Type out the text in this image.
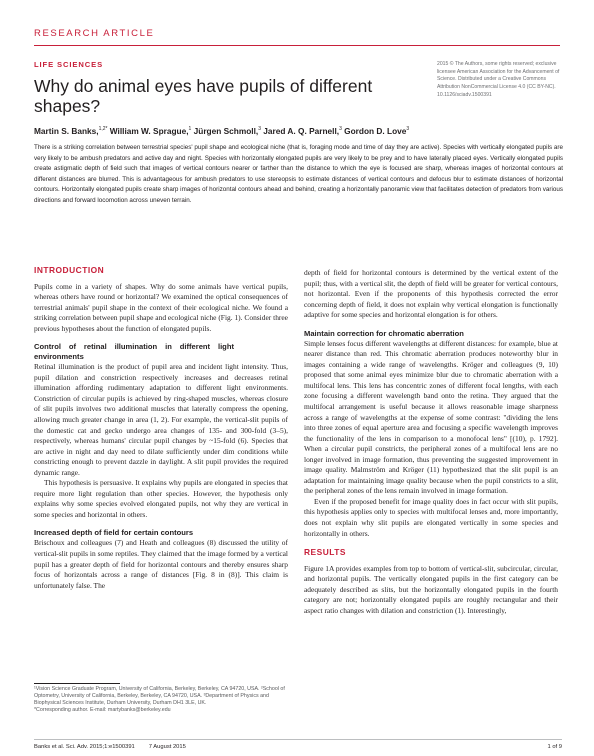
RESEARCH ARTICLE
LIFE SCIENCES
Why do animal eyes have pupils of different shapes?
2015 © The Authors, some rights reserved; exclusive licensee American Association for the Advancement of Science. Distributed under a Creative Commons Attribution NonCommercial License 4.0 (CC BY-NC). 10.1126/sciadv.1500391
Martin S. Banks,$^{1,2*}$ William W. Sprague,$^1$ Jürgen Schmoll,$^3$ Jared A. Q. Parnell,$^3$ Gordon D. Love$^3$
There is a striking correlation between terrestrial species' pupil shape and ecological niche (that is, foraging mode and time of day they are active). Species with vertically elongated pupils are very likely to be ambush predators and active day and night. Species with horizontally elongated pupils are very likely to be prey and to have laterally placed eyes. Vertically elongated pupils create astigmatic depth of field such that images of vertical contours nearer or farther than the distance to which the eye is focused are sharp, whereas images of horizontal contours at different distances are blurred. This is advantageous for ambush predators to use stereopsis to estimate distances of vertical contours and defocus blur to estimate distances of horizontal contours. Horizontally elongated pupils create sharp images of horizontal contours ahead and behind, creating a horizontally panoramic view that facilitates detection of predators from various directions and forward locomotion across uneven terrain.
INTRODUCTION

Pupils come in a variety of shapes. Why do some animals have vertical pupils, whereas others have round or horizontal? We examined the optical consequences of terrestrial animals' pupil shape in the context of their ecological niche. We found a striking correlation between pupil shape and ecological niche (Fig. 1). Consider three previous hypotheses about the function of elongated pupils.

Control of retinal illumination in different light environments

Retinal illumination is the product of pupil area and incident light intensity. Thus, pupil dilation and constriction respectively increases and decreases retinal illumination affording rudimentary adaptation to different light environments. Constriction of circular pupils is achieved by ring-shaped muscles, whereas closure of slit pupils involves two additional muscles that laterally compress the opening, allowing much greater change in area (1, 2). For example, the vertical-slit pupils of the domestic cat and gecko undergo area changes of 135- and 300-fold (3–5), respectively, whereas humans' circular pupil changes by ~15-fold (6). Species that are active in night and day need to dilate sufficiently under dim conditions while constricting enough to prevent dazzle in daylight. A slit pupil provides the required dynamic range.

This hypothesis is persuasive. It explains why pupils are elongated in species that require more light regulation than other species. However, the hypothesis only explains why some species evolved elongated pupils, not why they are vertical in some species and horizontal in others.

Increased depth of field for certain contours

Brischoux and colleagues (7) and Heath and colleagues (8) discussed the utility of vertical-slit pupils in some reptiles. They claimed that the image formed by a vertical pupil has a greater depth of field for horizontal contours and thereby ensures sharp focus of horizontals across a range of distances [Fig. 8 in (8)]. This claim is unfortunately false. The

depth of field for horizontal contours is determined by the vertical extent of the pupil; thus, with a vertical slit, the depth of field will be greater for vertical contours, not horizontal. Even if the proponents of this hypothesis corrected the error concerning depth of field, it does not explain why vertical elongation is functionally adaptive for some species and horizontal elongation is for others.

Maintain correction for chromatic aberration

Simple lenses focus different wavelengths at different distances: for example, blue at nearer distance than red. This chromatic aberration produces noteworthy blur in images containing a wide range of wavelengths. Kröger and colleagues (9, 10) proposed that some animal eyes minimize blur due to chromatic aberration with a multifocal lens. This lens has concentric zones of different focal lengths, with each zone focusing a different wavelength band onto the retina. They argued that the multifocal arrangement is useful because it allows reasonable image sharpness across a range of wavelengths at the expense of some contrast: "dividing the lens into three zones of equal aperture area and focusing a specific wavelength improves the functionality of the lens in comparison to a monofocal lens" [(10), p. 1792]. When a circular pupil constricts, the peripheral zones of a multifocal lens are no longer involved in image formation, thus preventing the suggested improvement in image quality. Malmström and Kröger (11) hypothesized that the slit pupil is an adaptation for maintaining image quality because when the pupil constricts to a slit, the peripheral zones of the lens remain involved in image formation.

Even if the proposed benefit for image quality does in fact occur with slit pupils, this hypothesis applies only to species with multifocal lenses and, more importantly, does not explain why slit pupils are elongated vertically in some species and horizontally in others.

RESULTS

Figure 1A provides examples from top to bottom of vertical-slit, subcircular, circular, and horizontal pupils. The vertically elongated pupils in the first category can be adequately described as slits, but the horizontally elongated pupils in the fourth category are not; horizontally elongated pupils are roughly rectangular and their aspect ratio changes with dilation and constriction (1). Interestingly,

¹Vision Science Graduate Program, University of California, Berkeley, Berkeley, CA 94720, USA. ²School of Optometry, University of California, Berkeley, Berkeley, CA 94720, USA. ³Department of Physics and Biophysical Sciences Institute, Durham University, Durham DH1 3LE, UK.
*Corresponding author. E-mail: martybanks@berkeley.edu
Banks et al. Sci. Adv. 2015;1:e1500391 7 August 2015	1 of 9
